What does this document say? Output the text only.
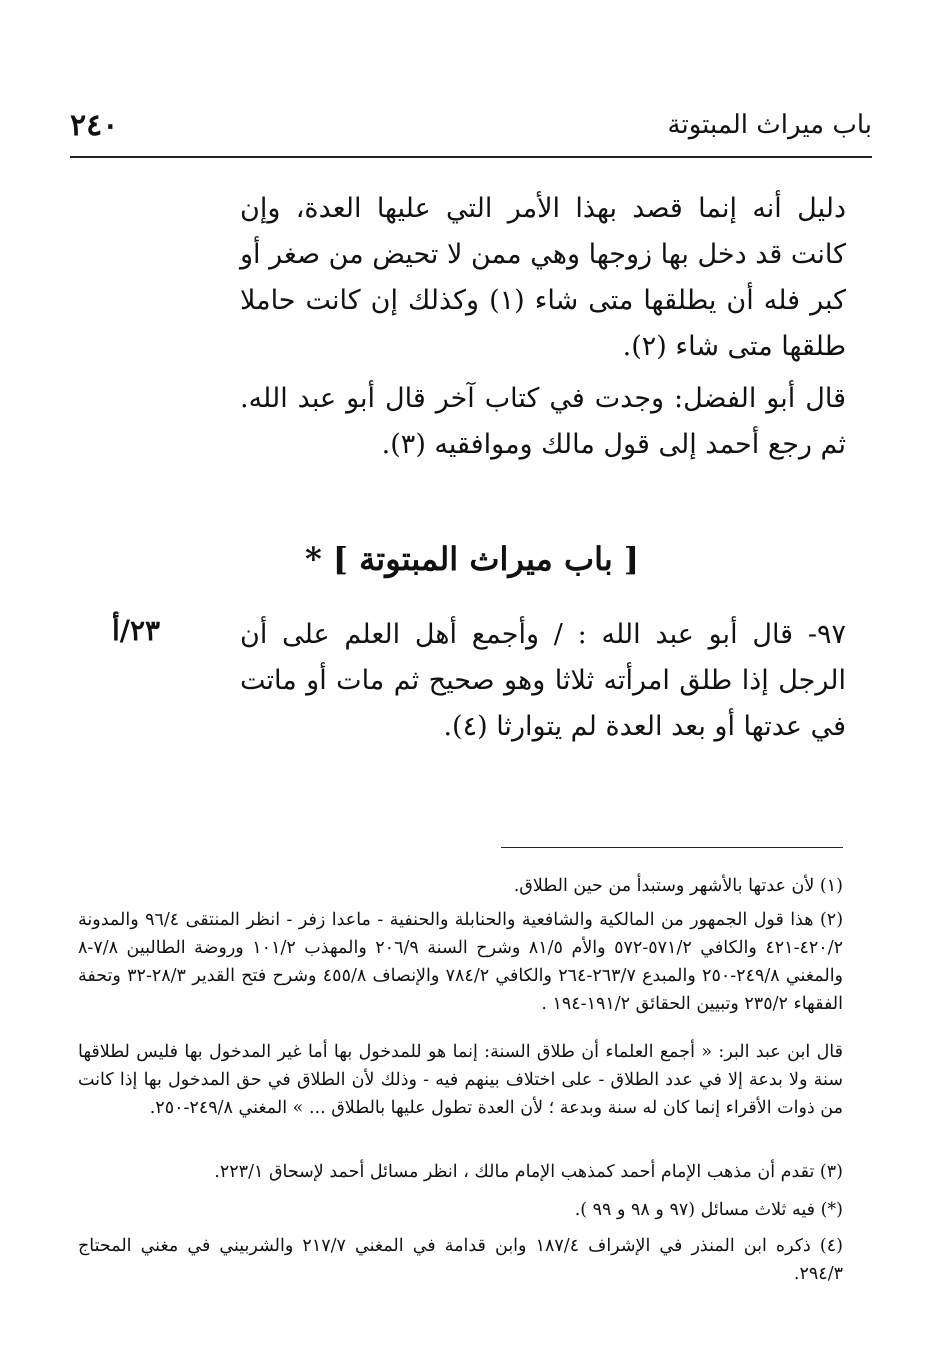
٢٤٠	باب ميراث المبتوتة
دليل أنه إنما قصد بهذا الأمر التي عليها العدة، وإن كانت قد دخل بها زوجها وهي ممن لا تحيض من صغر أو كبر فله أن يطلقها متى شاء (١) وكذلك إن كانت حاملا طلقها متى شاء (٢).
قال أبو الفضل: وجدت في كتاب آخر قال أبو عبد الله. ثم رجع أحمد إلى قول مالك وموافقيه (٣).
[ باب ميراث المبتوتة ] *
٢٣/أ	٩٧- قال أبو عبد الله : / وأجمع أهل العلم على أن الرجل إذا طلق امرأته ثلاثا وهو صحيح ثم مات أو ماتت في عدتها أو بعد العدة لم يتوارثا (٤).
(١) لأن عدتها بالأشهر وستبدأ من حين الطلاق.
(٢) هذا قول الجمهور من المالكية والشافعية والحنابلة والحنفية - ماعدا زفر - انظر المنتقى ٩٦/٤ والمدونة ٤٢٠/٢-٤٢١ والكافي ٥٧١/٢-٥٧٢ والأم ٨١/٥ وشرح السنة ٢٠٦/٩ والمهذب ١٠١/٢ وروضة الطالبين ٧/٨-٨ والمغني ٢٤٩/٨-٢٥٠ والمبدع ٢٦٣/٧-٢٦٤ والكافي ٧٨٤/٢ والإنصاف ٤٥٥/٨ وشرح فتح القدير ٢٨/٣-٣٢ وتحفة الفقهاء ٢٣٥/٢ وتبيين الحقائق ١٩١/٢-١٩٤ .
قال ابن عبد البر: « أجمع العلماء أن طلاق السنة: إنما هو للمدخول بها أما غير المدخول بها فليس لطلاقها سنة ولا بدعة إلا في عدد الطلاق - على اختلاف بينهم فيه - وذلك لأن الطلاق في حق المدخول بها إذا كانت من ذوات الأقراء إنما كان له سنة وبدعة ؛ لأن العدة تطول عليها بالطلاق ... » المغني ٢٤٩/٨-٢٥٠.
(٣) تقدم أن مذهب الإمام أحمد كمذهب الإمام مالك ، انظر مسائل أحمد لإسحاق ٢٢٣/١.
(*) فيه ثلاث مسائل (٩٧ و ٩٨ و ٩٩ ).
(٤) ذكره ابن المنذر في الإشراف ١٨٧/٤ وابن قدامة في المغني ٢١٧/٧ والشربيني في مغني المحتاج ٢٩٤/٣.
